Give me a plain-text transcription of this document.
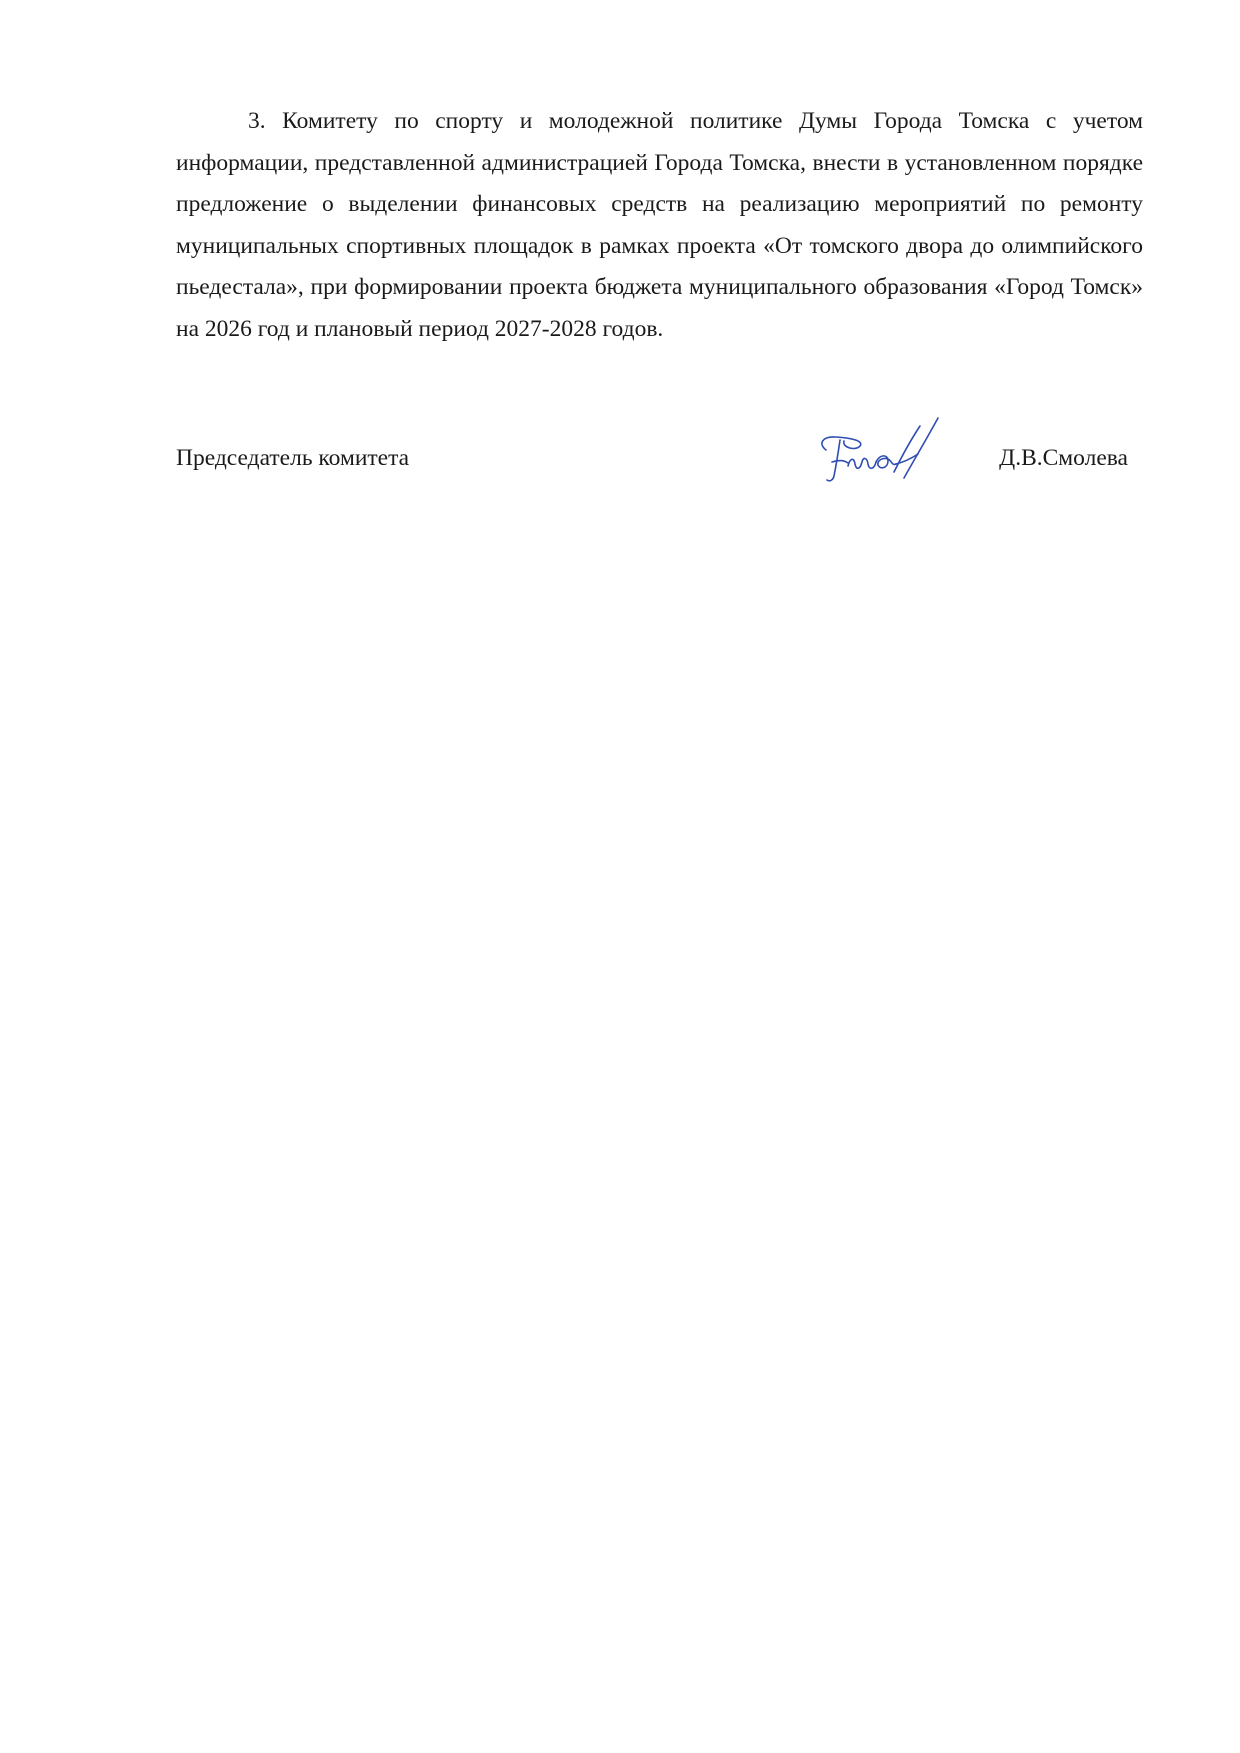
3. Комитету по спорту и молодежной политике Думы Города Томска с учетом информации, представленной администрацией Города Томска, внести в установленном порядке предложение о выделении финансовых средств на реализацию мероприятий по ремонту муниципальных спортивных площадок в рамках проекта «От томского двора до олимпийского пьедестала», при формировании проекта бюджета муниципального образования «Город Томск» на 2026 год и плановый период 2027-2028 годов.

Председатель комитета	Д.В.Смолева
